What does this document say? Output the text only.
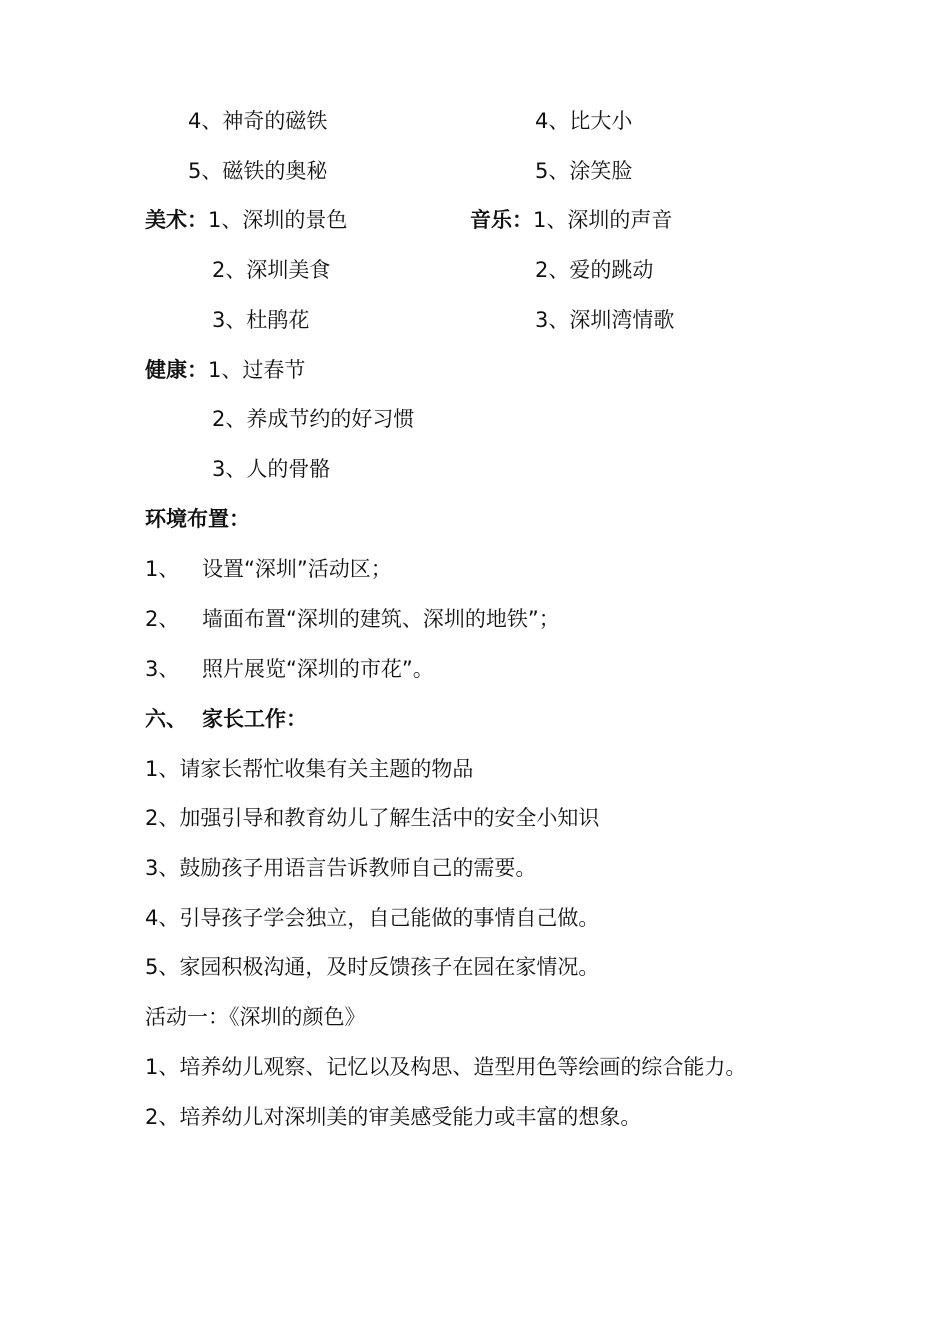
4、神奇的磁铁	4、比大小
5、磁铁的奥秘	5、涂笑脸
美术：1、深圳的景色	音乐：1、深圳的声音
2、深圳美食	2、爱的跳动
3、杜鹃花	3、深圳湾情歌
健康：1、过春节
2、养成节约的好习惯
3、人的骨骼
环境布置：
1、 设置“深圳”活动区；
2、 墙面布置“深圳的建筑、深圳的地铁”；
3、 照片展览“深圳的市花”。
六、 家长工作：
1、请家长帮忙收集有关主题的物品
2、加强引导和教育幼儿了解生活中的安全小知识
3、鼓励孩子用语言告诉教师自己的需要。
4、引导孩子学会独立，自己能做的事情自己做。
5、家园积极沟通，及时反馈孩子在园在家情况。
活动一：《深圳的颜色》
1、培养幼儿观察、记忆以及构思、造型用色等绘画的综合能力。
2、培养幼儿对深圳美的审美感受能力或丰富的想象。
